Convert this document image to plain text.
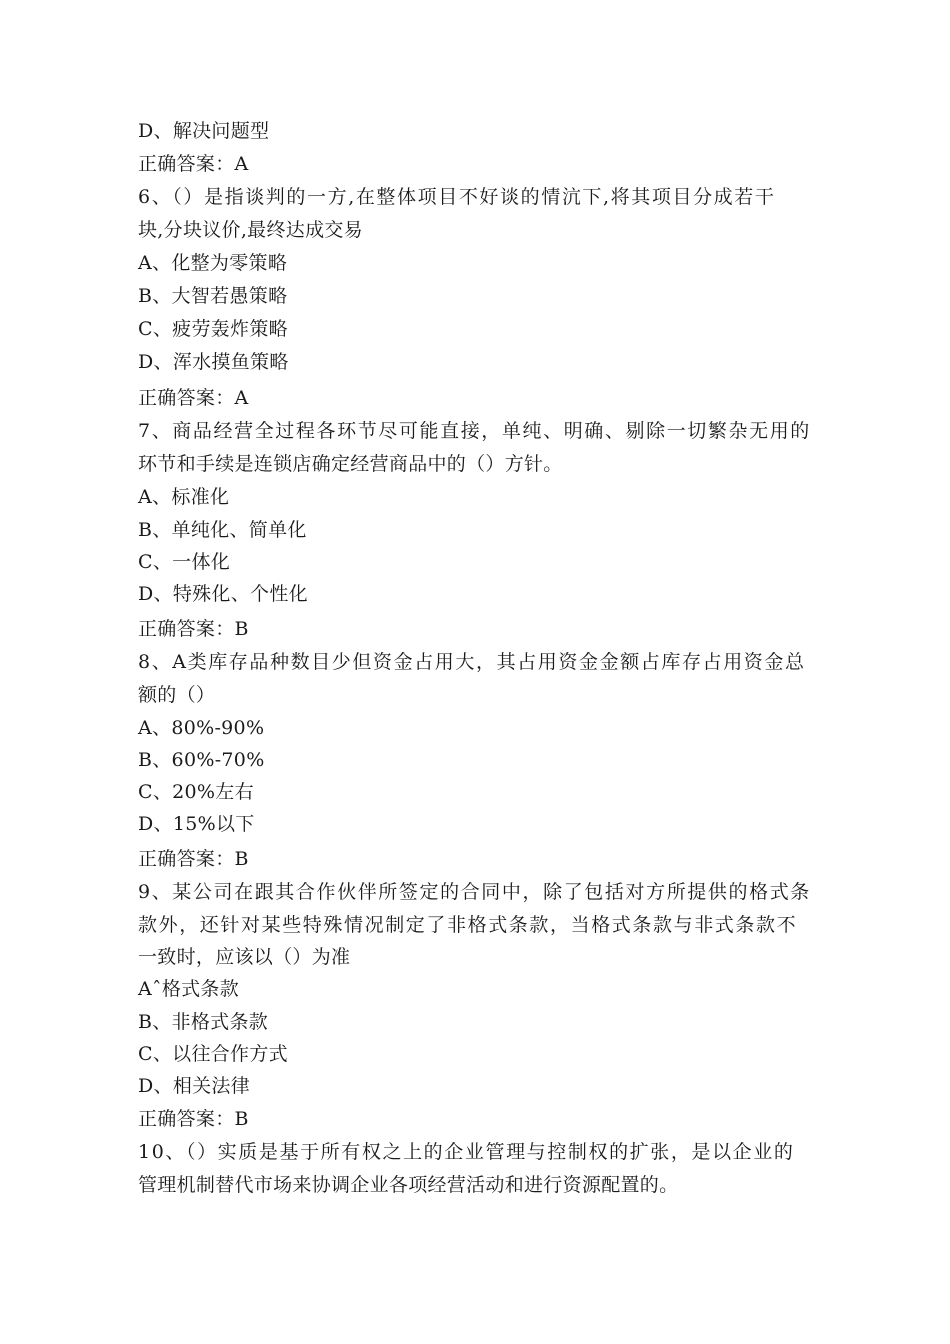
D、解决问题型
正确答案：A
6、（）是指谈判的一方,在整体项目不好谈的情沆下,将其项目分成若干
块,分块议价,最终达成交易
A、化整为零策略
B、大智若愚策略
C、疲劳轰炸策略
D、浑水摸鱼策略
正确答案：A
7、商品经营全过程各环节尽可能直接，单纯、明确、剔除一切繁杂无用的
环节和手续是连锁店确定经营商品中的（）方针。
A、标准化
B、单纯化、简单化
C、一体化
D、特殊化、个性化
正确答案：B
8、A类库存品种数目少但资金占用大，其占用资金金额占库存占用资金总
额的（）
A、80%-90%
B、60%-70%
C、20%左右
D、15%以下
正确答案：B
9、某公司在跟其合作伙伴所签定的合同中，除了包括对方所提供的格式条
款外，还针对某些特殊情况制定了非格式条款，当格式条款与非式条款不
一致时，应该以（）为准
Aˆ格式条款
B、非格式条款
C、以往合作方式
D、相关法律
正确答案：B
10、（）实质是基于所有权之上的企业管理与控制权的扩张，是以企业的
管理机制替代市场来协调企业各项经营活动和进行资源配置的。
